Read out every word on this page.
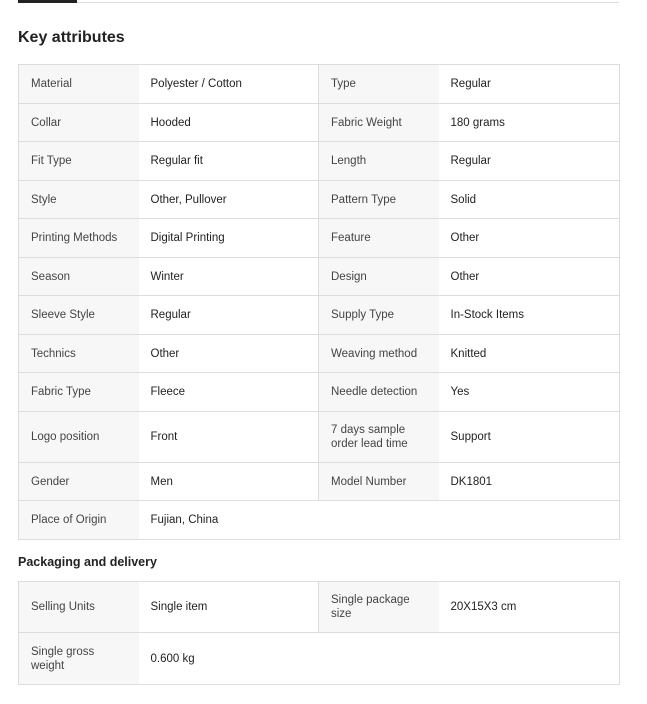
Key attributes
Material	Polyester / Cotton	Type	Regular
Collar	Hooded	Fabric Weight	180 grams
Fit Type	Regular fit	Length	Regular
Style	Other, Pullover	Pattern Type	Solid
Printing Methods	Digital Printing	Feature	Other
Season	Winter	Design	Other
Sleeve Style	Regular	Supply Type	In-Stock Items
Technics	Other	Weaving method	Knitted
Fabric Type	Fleece	Needle detection	Yes
Logo position	Front	7 days sample order lead time	Support
Gender	Men	Model Number	DK1801
Place of Origin	Fujian, China		
Packaging and delivery
Selling Units	Single item	Single package size	20X15X3 cm
Single gross weight	0.600 kg		
